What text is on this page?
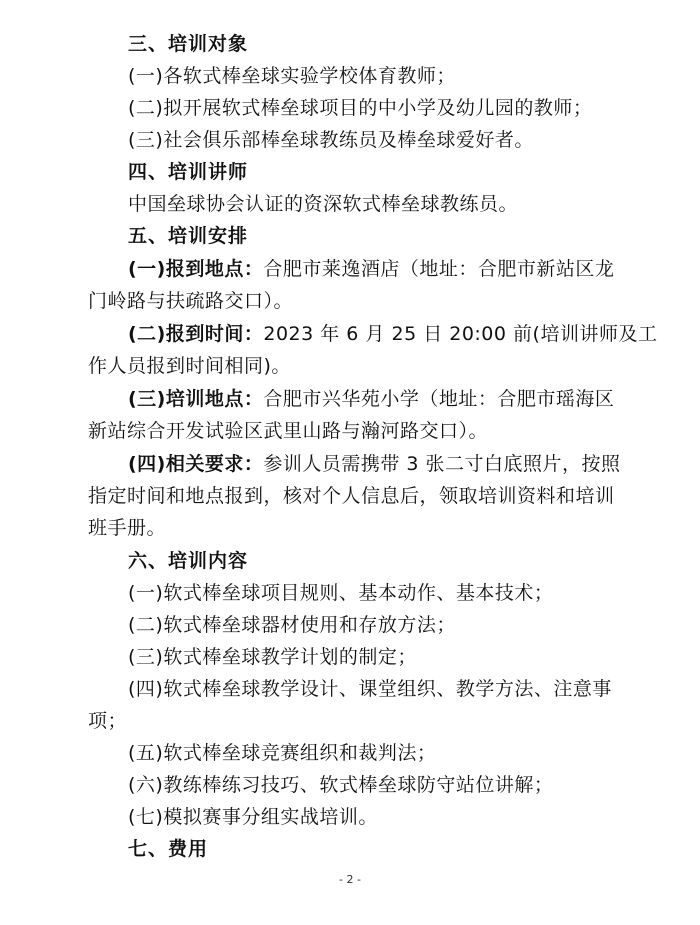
三、培训对象
(一)各软式棒垒球实验学校体育教师；
(二)拟开展软式棒垒球项目的中小学及幼儿园的教师；
(三)社会俱乐部棒垒球教练员及棒垒球爱好者。
四、培训讲师
中国垒球协会认证的资深软式棒垒球教练员。
五、培训安排
(一)报到地点：合肥市莱逸酒店（地址：合肥市新站区龙
门岭路与扶疏路交口）。
(二)报到时间：2023 年 6 月 25 日 20:00 前(培训讲师及工
作人员报到时间相同)。
(三)培训地点：合肥市兴华苑小学（地址：合肥市瑶海区
新站综合开发试验区武里山路与瀚河路交口）。
(四)相关要求：参训人员需携带 3 张二寸白底照片，按照
指定时间和地点报到，核对个人信息后，领取培训资料和培训
班手册。
六、培训内容
(一)软式棒垒球项目规则、基本动作、基本技术；
(二)软式棒垒球器材使用和存放方法；
(三)软式棒垒球教学计划的制定；
(四)软式棒垒球教学设计、课堂组织、教学方法、注意事
项；
(五)软式棒垒球竞赛组织和裁判法；
(六)教练棒练习技巧、软式棒垒球防守站位讲解；
(七)模拟赛事分组实战培训。
七、费用
- 2 -
